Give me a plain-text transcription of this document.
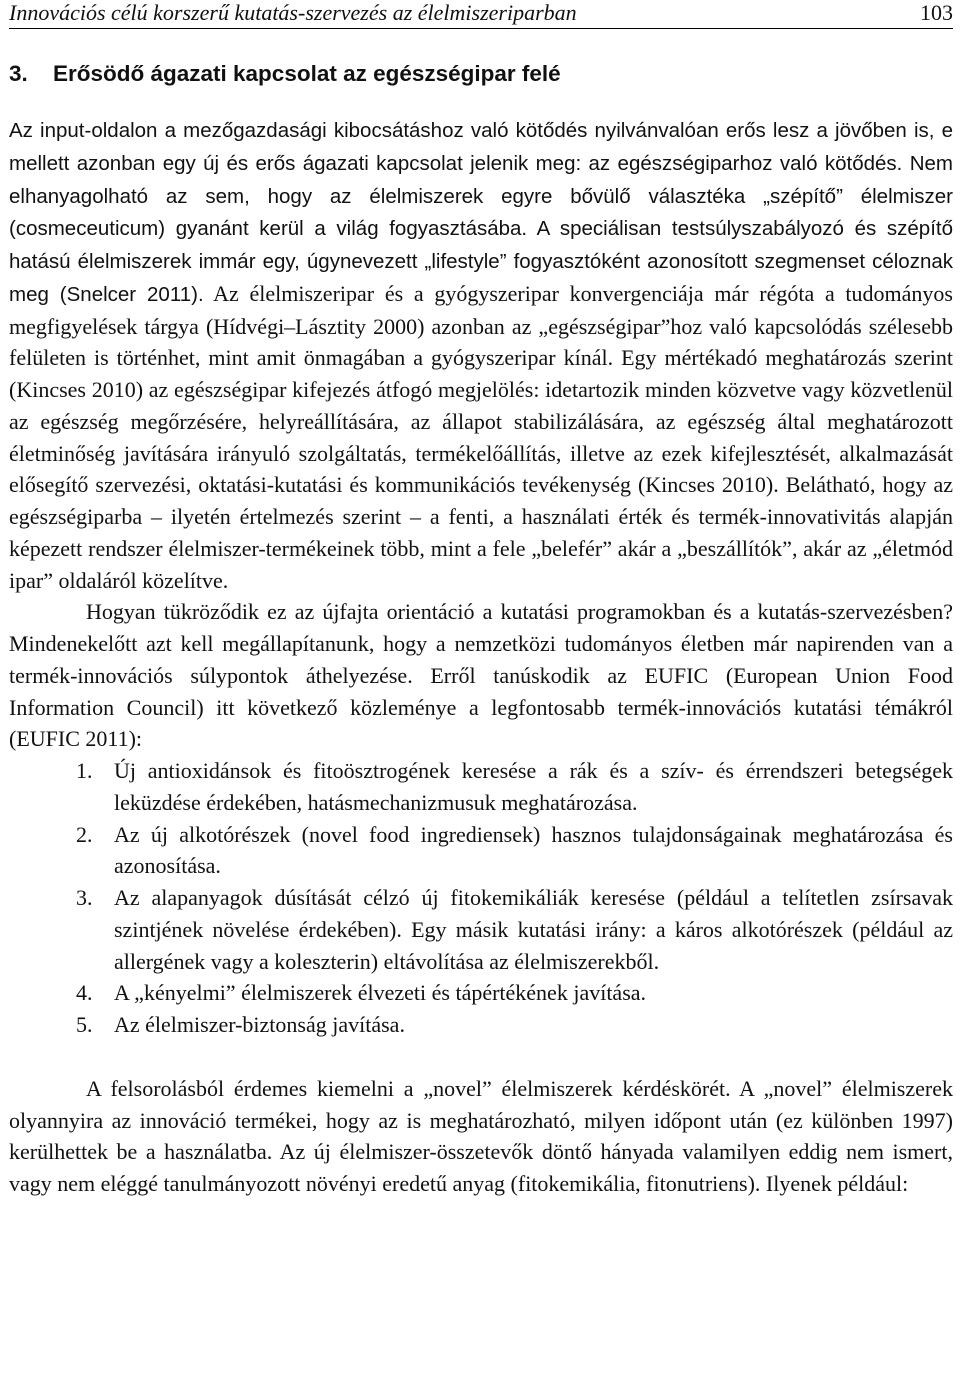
Innovációs célú korszerű kutatás-szervezés az élelmiszeriparban	103
3. Erősödő ágazati kapcsolat az egészségipar felé

Az input-oldalon a mezőgazdasági kibocsátáshoz való kötődés nyilvánvalóan erős lesz a jövőben is, e mellett azonban egy új és erős ágazati kapcsolat jelenik meg: az egészségiparhoz való kötődés. Nem elhanyagolható az sem, hogy az élelmiszerek egyre bővülő választéka „szépítő” élelmiszer (cosmeceuticum) gyanánt kerül a világ fogyasztásába. A speciálisan testsúlyszabályozó és szépítő hatású élelmiszerek immár egy, úgynevezett „lifestyle” fogyasztóként azonosított szegmenset céloznak meg (Snelcer 2011). Az élelmiszeripar és a gyógyszeripar konvergenciája már régóta a tudományos megfigyelések tárgya (Hídvégi–Lásztity 2000) azonban az „egészségipar”hoz való kapcsolódás szélesebb felületen is történhet, mint amit önmagában a gyógyszeripar kínál. Egy mértékadó meghatározás szerint (Kincses 2010) az egészségipar kifejezés átfogó megjelölés: idetartozik minden közvetve vagy közvetlenül az egészség megőrzésére, helyreállítására, az állapot stabilizálására, az egészség által meghatározott életminőség javítására irányuló szolgáltatás, termékelőállítás, illetve az ezek kifejlesztését, alkalmazását elősegítő szervezési, oktatási-kutatási és kommunikációs tevékenység (Kincses 2010). Belátható, hogy az egészségiparba – ilyetén értelmezés szerint – a fenti, a használati érték és termék-innovativitás alapján képezett rendszer élelmiszer-termékeinek több, mint a fele „belefér” akár a „beszállítók”, akár az „életmód ipar” oldaláról közelítve.

Hogyan tükröződik ez az újfajta orientáció a kutatási programokban és a kutatás-szervezésben? Mindenekelőtt azt kell megállapítanunk, hogy a nemzetközi tudományos életben már napirenden van a termék-innovációs súlypontok áthelyezése. Erről tanúskodik az EUFIC (European Union Food Information Council) itt következő közleménye a legfontosabb termék-innovációs kutatási témákról (EUFIC 2011):

1. Új antioxidánsok és fitoösztrogének keresése a rák és a szív- és érrendszeri betegségek leküzdése érdekében, hatásmechanizmusuk meghatározása.
2. Az új alkotórészek (novel food ingrediensek) hasznos tulajdonságainak meghatározása és azonosítása.
3. Az alapanyagok dúsítását célzó új fitokemikáliák keresése (például a telítetlen zsírsavak szintjének növelése érdekében). Egy másik kutatási irány: a káros alkotórészek (például az allergének vagy a koleszterin) eltávolítása az élelmiszerekből.
4. A „kényelmi” élelmiszerek élvezeti és tápértékének javítása.
5. Az élelmiszer-biztonság javítása.

A felsorolásból érdemes kiemelni a „novel” élelmiszerek kérdéskörét. A „novel” élelmiszerek olyannyira az innováció termékei, hogy az is meghatározható, milyen időpont után (ez különben 1997) kerülhettek be a használatba. Az új élelmiszer-összetevők döntő hányada valamilyen eddig nem ismert, vagy nem eléggé tanulmányozott növényi eredetű anyag (fitokemikália, fitonutriens). Ilyenek például:
